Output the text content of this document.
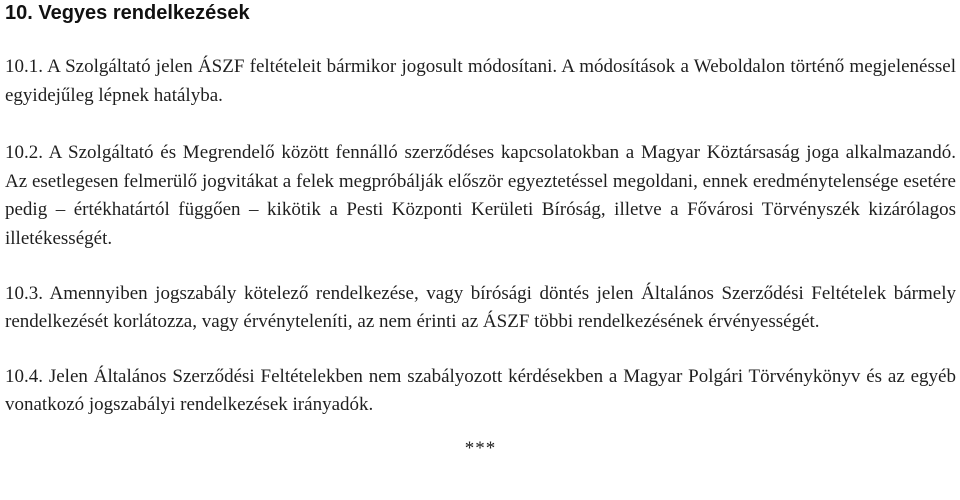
10. Vegyes rendelkezések

10.1. A Szolgáltató jelen ÁSZF feltételeit bármikor jogosult módosítani. A módosítások a Weboldalon történő megjelenéssel egyidejűleg lépnek hatályba.

10.2. A Szolgáltató és Megrendelő között fennálló szerződéses kapcsolatokban a Magyar Köztársaság joga alkalmazandó. Az esetlegesen felmerülő jogvitákat a felek megpróbálják először egyeztetéssel megoldani, ennek eredménytelensége esetére pedig – értékhatártól függően – kikötik a Pesti Központi Kerületi Bíróság, illetve a Fővárosi Törvényszék kizárólagos illetékességét.

10.3. Amennyiben jogszabály kötelező rendelkezése, vagy bírósági döntés jelen Általános Szerződési Feltételek bármely rendelkezését korlátozza, vagy érvényteleníti, az nem érinti az ÁSZF többi rendelkezésének érvényességét.

10.4. Jelen Általános Szerződési Feltételekben nem szabályozott kérdésekben a Magyar Polgári Törvénykönyv és az egyéb vonatkozó jogszabályi rendelkezések irányadók.

***
